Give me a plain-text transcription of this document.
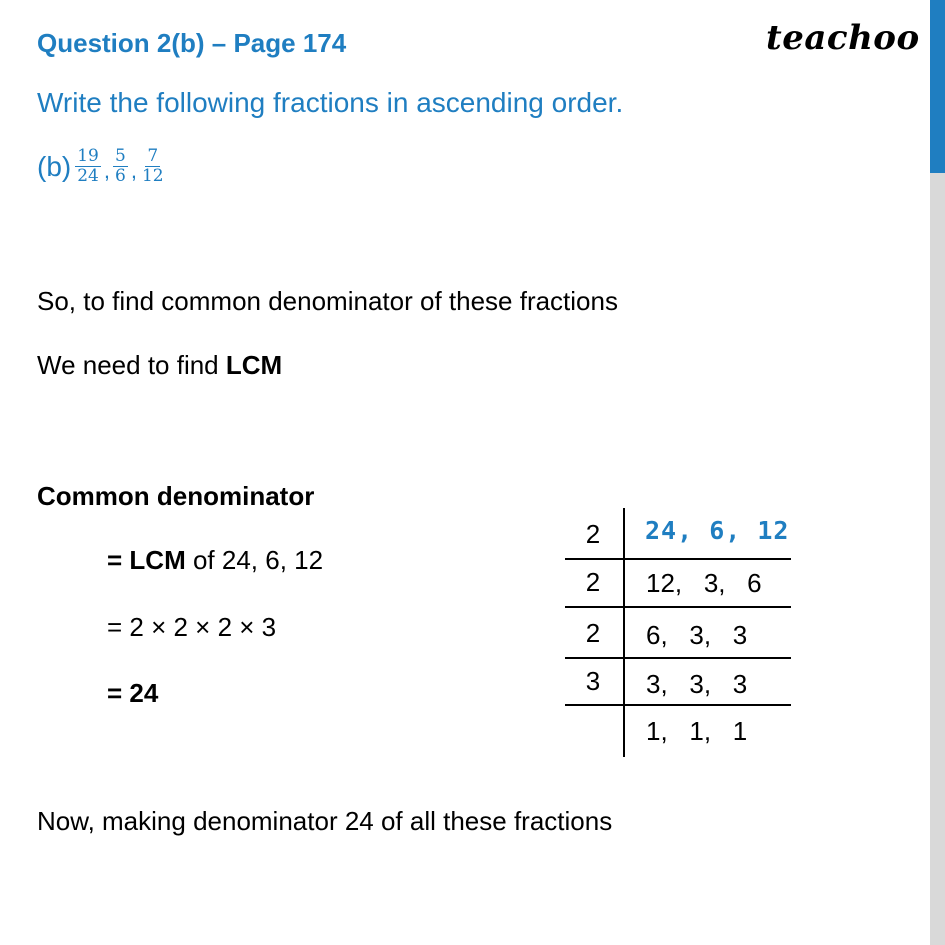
Question 2(b) – Page 174	teachoo
Write the following fractions in ascending order.
$(b) \frac{19}{24}$ , $\frac{5}{6}$ , $\frac{7}{12}$
So, to find common denominator of these fractions
We need to find LCM
Common denominator
= LCM of 24, 6, 12
= 2 × 2 × 2 × 3
= 24
Now, making denominator 24 of all these fractions
2 24, 6, 12
2 12,   3,   6
2 6,   3,   3
3 3,   3,   3
1,   1,   1
